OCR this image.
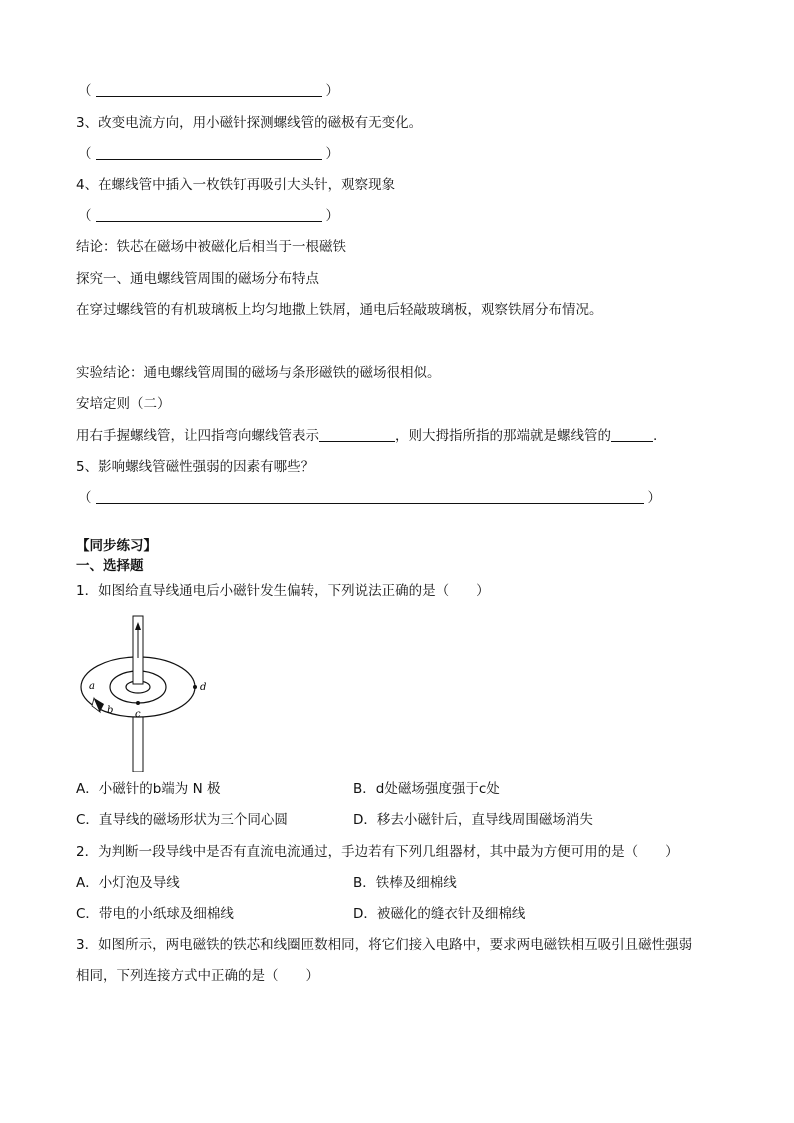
（	）
3、改变电流方向，用小磁针探测螺线管的磁极有无变化。
（	）
4、在螺线管中插入一枚铁钉再吸引大头针，观察现象
（	）
结论：铁芯在磁场中被磁化后相当于一根磁铁
探究一、通电螺线管周围的磁场分布特点
在穿过螺线管的有机玻璃板上均匀地撒上铁屑，通电后轻敲玻璃板，观察铁屑分布情况。
实验结论：通电螺线管周围的磁场与条形磁铁的磁场很相似。
安培定则（二）
用右手握螺线管，让四指弯向螺线管表示	，则大拇指所指的那端就是螺线管的	.
5、影响螺线管磁性强弱的因素有哪些？
（	）
【同步练习】
一、选择题
1．如图给直导线通电后小磁针发生偏转，下列说法正确的是（　　）
a
b c
d
A．小磁针的b端为 N 极	B．d处磁场强度强于c处
C．直导线的磁场形状为三个同心圆	D．移去小磁针后，直导线周围磁场消失
2．为判断一段导线中是否有直流电流通过，手边若有下列几组器材，其中最为方便可用的是（　　）
A．小灯泡及导线	B．铁棒及细棉线
C．带电的小纸球及细棉线	D．被磁化的缝衣针及细棉线
3．如图所示，两电磁铁的铁芯和线圈匝数相同，将它们接入电路中，要求两电磁铁相互吸引且磁性强弱
相同，下列连接方式中正确的是（　　）
